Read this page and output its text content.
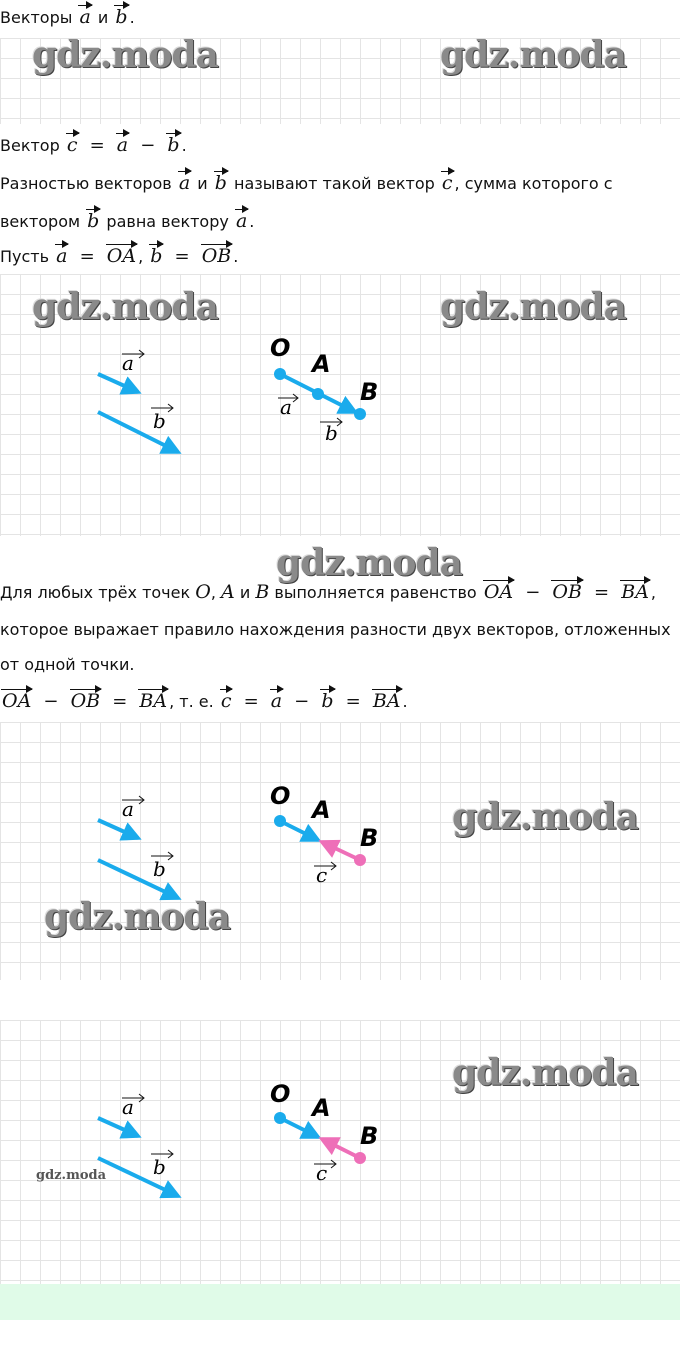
Векторы a и b .
gdz.moda	gdz.moda
Вектор c = a − b .
Разностью векторов a и b называют такой вектор c , сумма которого с
вектором b равна вектору a .
Пусть a = OA , b = OB .
gdz.moda	gdz.moda
a
b
O
A
B
a
b
gdz.moda
Для любых трёх точек O, A и B выполняется равенство OA − OB = BA ,
которое выражает правило нахождения разности двух векторов, отложенных
от одной точки.
OA − OB = BA , т. е. c = a − b = BA .
gdz.moda
gdz.moda
a
b
O A
B
c
gdz.moda
gdz.moda
a
b
O A
B
c
